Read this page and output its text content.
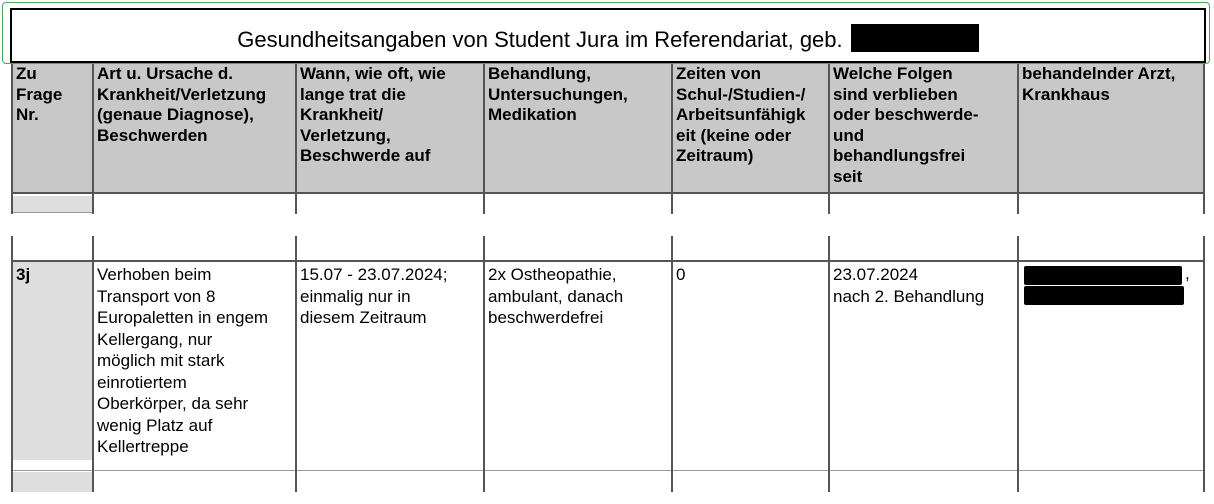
Gesundheitsangaben von Student Jura im Referendariat, geb.
Zu
Frage
Nr.
Art u. Ursache d.
Krankheit/Verletzung
(genaue Diagnose),
Beschwerden
Wann, wie oft, wie
lange trat die
Krankheit/
Verletzung,
Beschwerde auf
Behandlung,
Untersuchungen,
Medikation
Zeiten von
Schul-/Studien-/
Arbeitsunfähigk
eit (keine oder
Zeitraum)
Welche Folgen
sind verblieben
oder beschwerde-
und
behandlungsfrei
seit
behandelnder Arzt,
Krankhaus
3j	Verhoben beim
Transport von 8
Europaletten in engem
Kellergang, nur
möglich mit stark
einrotiertem
Oberkörper, da sehr
wenig Platz auf
Kellertreppe
15.07 - 23.07.2024;
einmalig nur in
diesem Zeitraum
2x Ostheopathie,
ambulant, danach
beschwerdefrei
0	23.07.2024
nach 2. Behandlung
,
